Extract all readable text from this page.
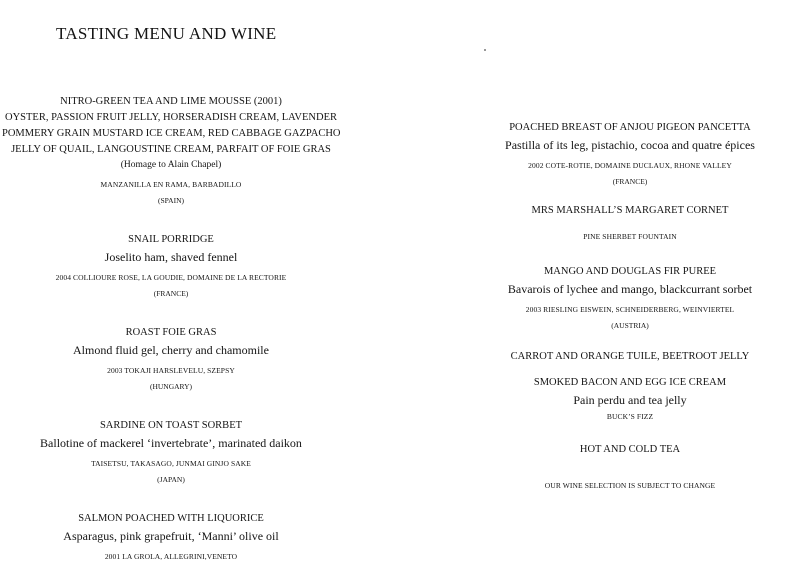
TASTING MENU AND WINE

NITRO-GREEN TEA AND LIME MOUSSE (2001)

OYSTER, PASSION FRUIT JELLY, HORSERADISH CREAM, LAVENDER

POMMERY GRAIN MUSTARD ICE CREAM, RED CABBAGE GAZPACHO

JELLY OF QUAIL, LANGOUSTINE CREAM, PARFAIT OF FOIE GRAS

(Homage to Alain Chapel)

MANZANILLA EN RAMA, BARBADILLO

(SPAIN)

SNAIL PORRIDGE

Joselito ham, shaved fennel

2004 COLLIOURE ROSE, LA GOUDIE, DOMAINE DE LA RECTORIE

(FRANCE)

ROAST FOIE GRAS

Almond fluid gel, cherry and chamomile

2003 TOKAJI HARSLEVELU, SZEPSY

(HUNGARY)

SARDINE ON TOAST SORBET

Ballotine of mackerel ‘invertebrate’, marinated daikon

TAISETSU, TAKASAGO, JUNMAI GINJO SAKE

(JAPAN)

SALMON POACHED WITH LIQUORICE

Asparagus, pink grapefruit, ‘Manni’ olive oil

2001 LA GROLA, ALLEGRINI,VENETO

POACHED BREAST OF ANJOU PIGEON PANCETTA

Pastilla of its leg, pistachio, cocoa and quatre épices

2002 COTE-ROTIE, DOMAINE DUCLAUX, RHONE VALLEY

(FRANCE)

MRS MARSHALL’S MARGARET CORNET

PINE SHERBET FOUNTAIN

MANGO AND DOUGLAS FIR PUREE

Bavarois of lychee and mango, blackcurrant sorbet

2003 RIESLING EISWEIN, SCHNEIDERBERG, WEINVIERTEL

(AUSTRIA)

CARROT AND ORANGE TUILE, BEETROOT JELLY

SMOKED BACON AND EGG ICE CREAM

Pain perdu and tea jelly

BUCK’S FIZZ

HOT AND COLD TEA

OUR WINE SELECTION IS SUBJECT TO CHANGE
